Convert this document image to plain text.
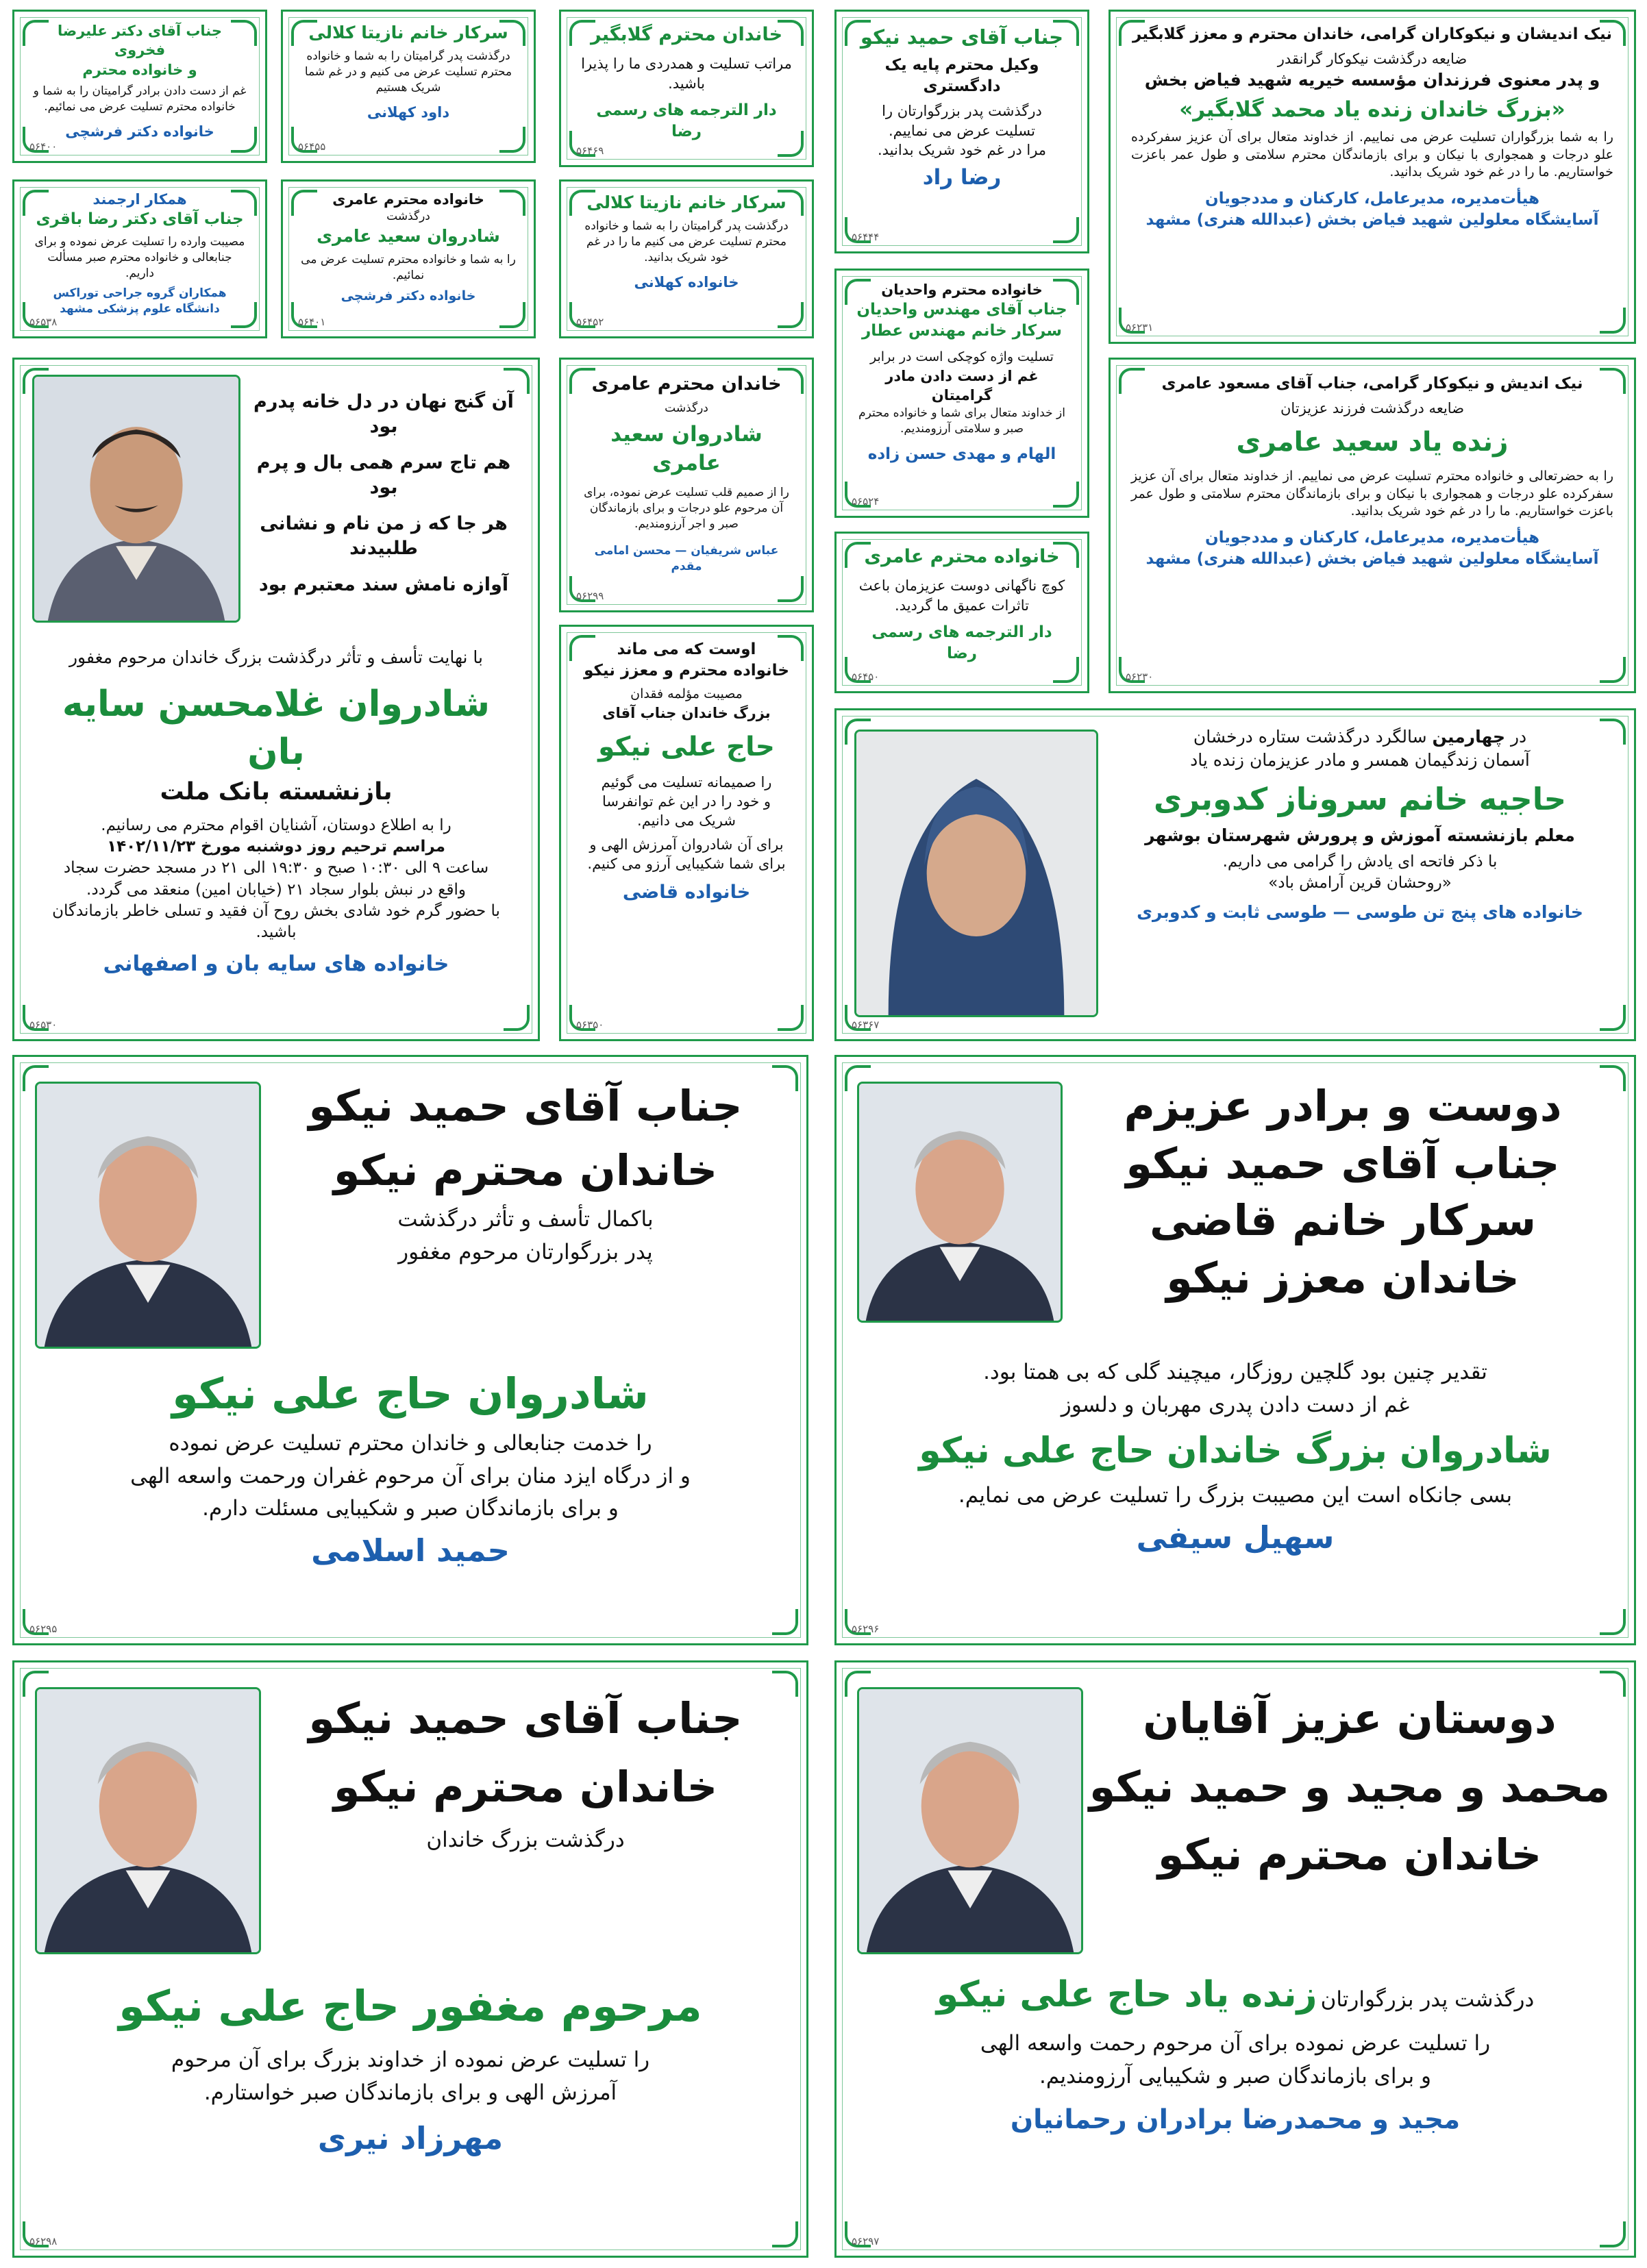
جناب آقای دکتر علیرضا فخروی
و خانواده محترم
غم از دست دادن برادر گرامیتان را به شما و خانواده محترم تسلیت عرض می نمائیم.
خانواده دکتر فرشچی
۵۶۴۰۰
سرکار خانم نازیتا کلالی
درگذشت پدر گرامیتان را به شما و خانواده محترم تسلیت عرض می کنیم و در غم شما شریک هستیم
داود کهلانی
۵۶۴۵۵
خاندان محترم گلابگیر
مراتب تسلیت و همدردی ما را پذیرا باشید.
دار الترجمه های رسمی رضا
۵۶۴۶۹
همکار ارجمند
جناب آقای دکتر رضا باقری
مصیبت وارده را تسلیت عرض نموده و برای جنابعالی و خانواده محترم صبر مسألت داریم.
همکاران گروه جراحی توراکس
دانشگاه علوم پزشکی مشهد
۵۶۵۳۸
خانواده محترم عامری
درگذشت
شادروان سعید عامری
را به شما و خانواده محترم تسلیت عرض می نمائیم.
خانواده دکتر فرشچی
۵۶۴۰۱
سرکار خانم نازیتا کلالی
درگذشت پدر گرامیتان را به شما و خانواده محترم تسلیت عرض می کنیم ما را در غم خود شریک بدانید.
خانواده کهلانی
۵۶۴۵۲
جناب آقای حمید نیکو
وکیل محترم پایه یک دادگستری
درگذشت پدر بزرگوارتان را
تسلیت عرض می نماییم.
مرا در غم خود شریک بدانید.
رضا راد
۵۶۴۴۴
نیک اندیشان و نیکوکاران گرامی، خاندان محترم و معزز گلابگیر
ضایعه درگذشت نیکوکار گرانقدر
و پدر معنوی فرزندان مؤسسه خیریه شهید فیاض بخش
«بزرگ خاندان زنده یاد محمد گلابگیر»
را به شما بزرگواران تسلیت عرض می نماییم. از خداوند متعال برای آن عزیز سفرکرده علو درجات و همجواری با نیکان و برای بازماندگان محترم سلامتی و طول عمر باعزت خواستاریم. ما را در غم خود شریک بدانید.
هیأت‌مدیره، مدیرعامل، کارکنان و مددجویان
آسایشگاه معلولین شهید فیاض بخش (عبدالله هنری) مشهد
۵۶۲۳۱
آن گنج نهان در دل خانه پدرم بود
هم تاج سرم همی بال و پرم بود
هر جا که ز من نام و نشانی طلبیدند
آوازه نامش سند معتبرم بود
با نهایت تأسف و تأثر درگذشت بزرگ خاندان مرحوم مغفور
شادروان غلامحسن سایه بان
بازنشسته بانک ملت
را به اطلاع دوستان، آشنایان اقوام محترم می رسانیم.
مراسم ترحیم روز دوشنبه مورخ ۱۴۰۲/۱۱/۲۳
ساعت ۹ الی ۱۰:۳۰ صبح و ۱۹:۳۰ الی ۲۱ در مسجد حضرت سجاد
واقع در نبش بلوار سجاد ۲۱ (خیابان امین) منعقد می گردد.
با حضور گرم خود شادی بخش روح آن فقید و تسلی خاطر بازماندگان باشید.
خانواده های سایه بان و اصفهانی
۵۶۵۳۰
خاندان محترم عامری
درگذشت
شادروان سعید عامری
را از صمیم قلب تسلیت عرض نموده، برای آن مرحوم علو درجات و برای بازماندگان صبر و اجر آرزومندیم.
عباس شریفیان — محسن امامی مقدم
۵۶۲۹۹
خانواده محترم واحدیان
جناب آقای مهندس واحدیان
سرکار خانم مهندس عطار
تسلیت واژه کوچکی است در برابر
غم از دست دادن مادر گرامیتان
از خداوند متعال برای شما و خانواده محترم صبر و سلامتی آرزومندیم.
الهام و مهدی حسن زاده
۵۶۵۲۴
نیک اندیش و نیکوکار گرامی، جناب آقای مسعود عامری
ضایعه درگذشت فرزند عزیزتان
زنده یاد سعید عامری
را به حضرتعالی و خانواده محترم تسلیت عرض می نماییم. از خداوند متعال برای آن عزیز سفرکرده علو درجات و همجواری با نیکان و برای بازماندگان محترم سلامتی و طول عمر باعزت خواستاریم. ما را در غم خود شریک بدانید.
هیأت‌مدیره، مدیرعامل، کارکنان و مددجویان
آسایشگاه معلولین شهید فیاض بخش (عبدالله هنری) مشهد
۵۶۲۳۰
خانواده محترم عامری
کوچ ناگهانی دوست عزیزمان باعث تاثرات عمیق ما گردید.
دار الترجمه های رسمی رضا
۵۶۴۵۰
اوست که می ماند
خانواده محترم و معزز نیکو
مصیبت مؤلمه فقدان
بزرگ خاندان جناب آقای
حاج علی نیکو
را صمیمانه تسلیت می گوئیم
و خود را در این غم توانفرسا
شریک می دانیم.
برای آن شادروان آمرزش الهی و
برای شما شکیبایی آرزو می کنیم.
خانواده قاضی
۵۶۳۵۰
در چهارمین سالگرد درگذشت ستاره درخشان
آسمان زندگیمان همسر و مادر عزیزمان زنده یاد
حاجیه خانم سروناز کدوبری
معلم بازنشسته آموزش و پرورش شهرستان بوشهر
با ذکر فاتحه ای یادش را گرامی می داریم.
«روحشان قرین آرامش باد»
خانواده های پنج تن طوسی — طوسی ثابت و کدوبری
۵۶۳۶۷
جناب آقای حمید نیکو
خاندان محترم نیکو
باکمال تأسف و تأثر درگذشت
پدر بزرگوارتان مرحوم مغفور
شادروان حاج علی نیکو
را خدمت جنابعالی و خاندان محترم تسلیت عرض نموده
و از درگاه ایزد منان برای آن مرحوم غفران ورحمت واسعه الهی
و برای بازماندگان صبر و شکیبایی مسئلت دارم.
حمید اسلامی
۵۶۲۹۵
دوست و برادر عزیزم
جناب آقای حمید نیکو
سرکار خانم قاضی
خاندان معزز نیکو
تقدیر چنین بود گلچین روزگار، میچیند گلی که بی همتا بود.
غم از دست دادن پدری مهربان و دلسوز
شادروان بزرگ خاندان حاج علی نیکو
بسی جانکاه است این مصیبت بزرگ را تسلیت عرض می نمایم.
سهیل سیفی
۵۶۲۹۶
جناب آقای حمید نیکو
خاندان محترم نیکو
درگذشت بزرگ خاندان
مرحوم مغفور حاج علی نیکو
را تسلیت عرض نموده از خداوند بزرگ برای آن مرحوم
آمرزش الهی و برای بازماندگان صبر خواستارم.
مهرزاد نیری
۵۶۲۹۸
دوستان عزیز آقایان
محمد و مجید و حمید نیکو
خاندان محترم نیکو
درگذشت پدر بزرگوارتان زنده یاد حاج علی نیکو
را تسلیت عرض نموده برای آن مرحوم رحمت واسعه الهی
و برای بازماندگان صبر و شکیبایی آرزومندیم.
مجید و محمدرضا برادران رحمانیان
۵۶۲۹۷
